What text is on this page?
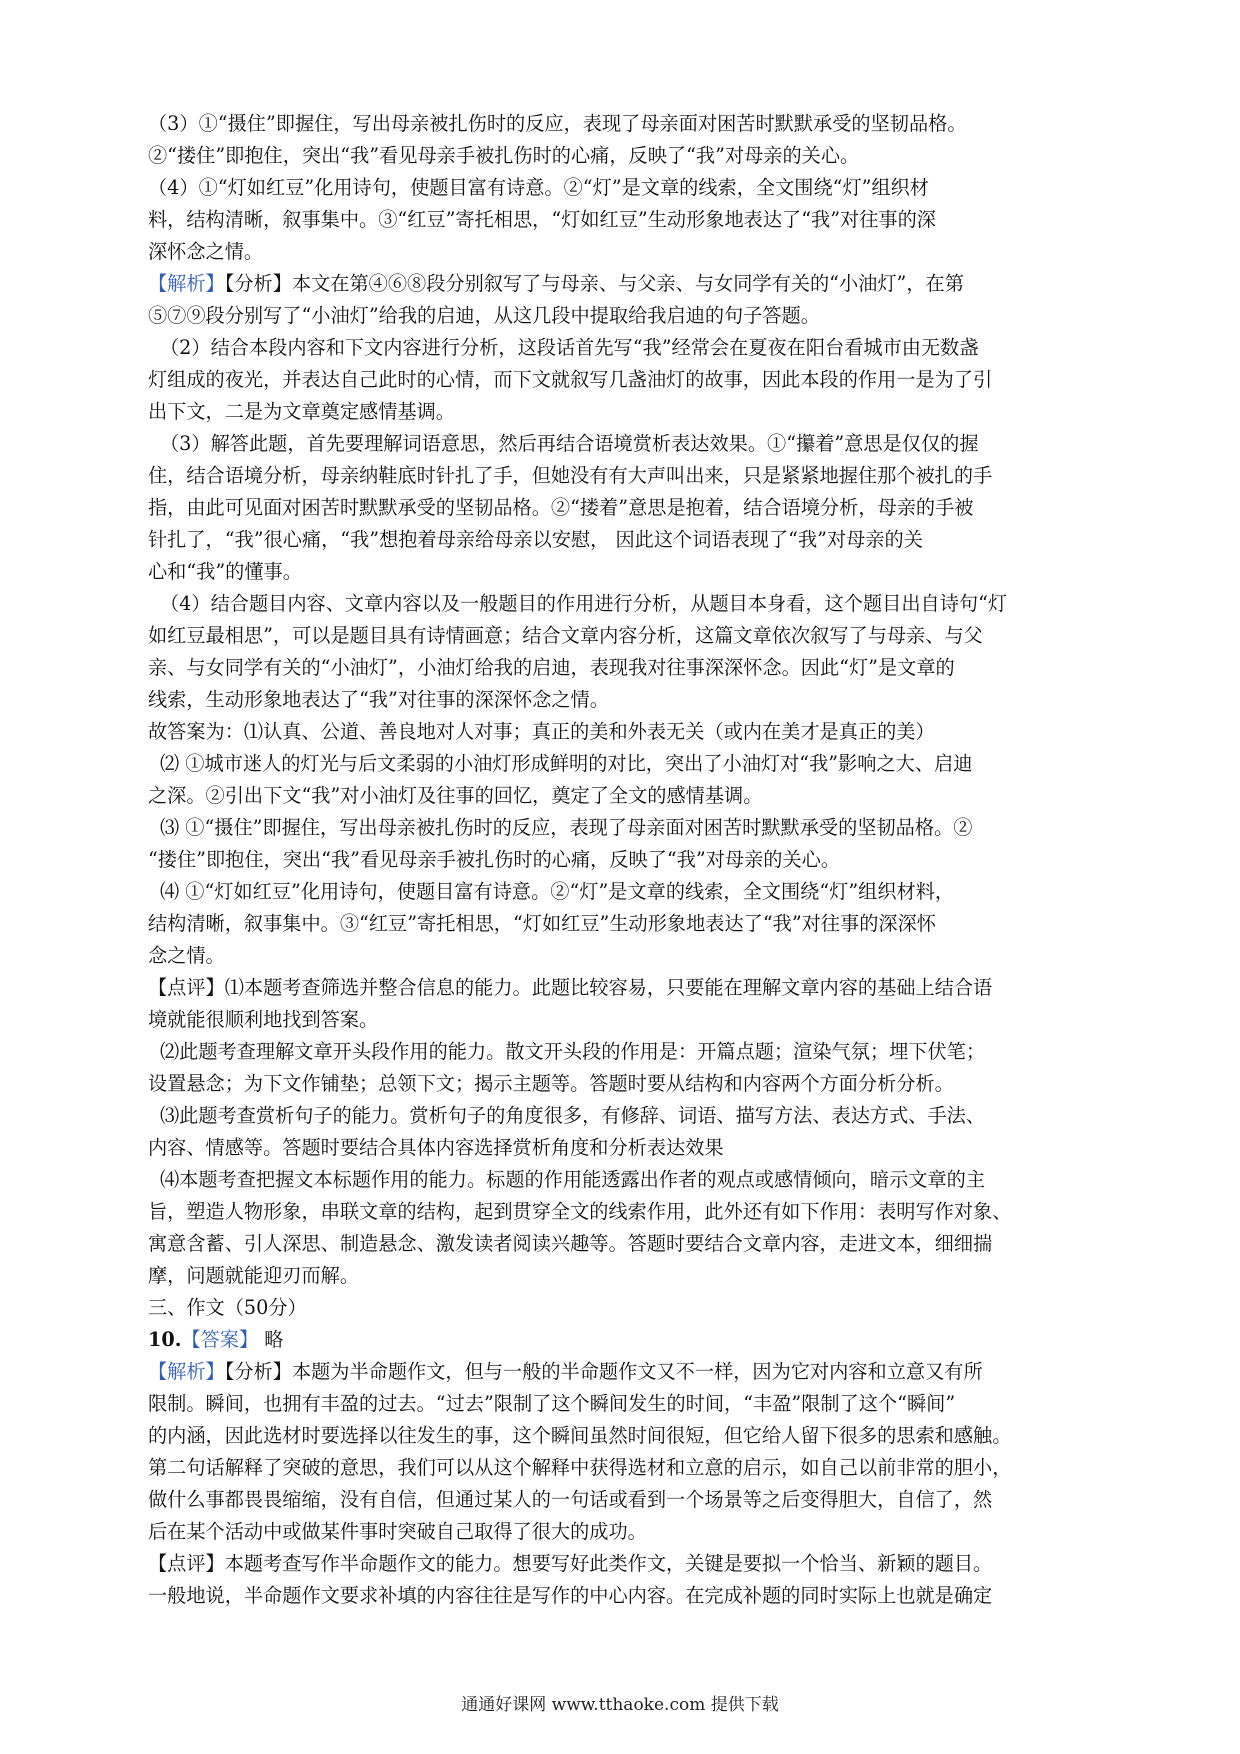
（3）①“摄住”即握住，写出母亲被扎伤时的反应，表现了母亲面对困苦时默默承受的坚韧品格。
②“搂住”即抱住，突出“我”看见母亲手被扎伤时的心痛，反映了“我”对母亲的关心。
（4）①“灯如红豆”化用诗句，使题目富有诗意。②“灯”是文章的线索，全文围绕“灯”组织材
料，结构清晰，叙事集中。③“红豆”寄托相思，“灯如红豆”生动形象地表达了“我”对往事的深
深怀念之情。
【解析】【分析】本文在第④⑥⑧段分别叙写了与母亲、与父亲、与女同学有关的“小油灯”，在第
⑤⑦⑨段分别写了“小油灯”给我的启迪，从这几段中提取给我启迪的句子答题。
（2）结合本段内容和下文内容进行分析，这段话首先写“我”经常会在夏夜在阳台看城市由无数盏
灯组成的夜光，并表达自己此时的心情，而下文就叙写几盏油灯的故事，因此本段的作用一是为了引
出下文，二是为文章奠定感情基调。
（3）解答此题，首先要理解词语意思，然后再结合语境赏析表达效果。①“攥着”意思是仅仅的握
住，结合语境分析，母亲纳鞋底时针扎了手，但她没有有大声叫出来，只是紧紧地握住那个被扎的手
指，由此可见面对困苦时默默承受的坚韧品格。②“搂着”意思是抱着，结合语境分析，母亲的手被
针扎了，“我”很心痛，“我”想抱着母亲给母亲以安慰， 因此这个词语表现了“我”对母亲的关
心和“我”的懂事。
（4）结合题目内容、文章内容以及一般题目的作用进行分析，从题目本身看，这个题目出自诗句“灯
如红豆最相思”，可以是题目具有诗情画意；结合文章内容分析，这篇文章依次叙写了与母亲、与父
亲、与女同学有关的“小油灯”，小油灯给我的启迪，表现我对往事深深怀念。因此“灯”是文章的
线索，生动形象地表达了“我”对往事的深深怀念之情。
故答案为：⑴认真、公道、善良地对人对事；真正的美和外表无关（或内在美才是真正的美）
⑵ ①城市迷人的灯光与后文柔弱的小油灯形成鲜明的对比，突出了小油灯对“我”影响之大、启迪
之深。②引出下文“我”对小油灯及往事的回忆，奠定了全文的感情基调。
⑶ ①“摄住”即握住，写出母亲被扎伤时的反应，表现了母亲面对困苦时默默承受的坚韧品格。②
“搂住”即抱住，突出“我”看见母亲手被扎伤时的心痛，反映了“我”对母亲的关心。
⑷ ①“灯如红豆”化用诗句，使题目富有诗意。②“灯”是文章的线索，全文围绕“灯”组织材料，
结构清晰，叙事集中。③“红豆”寄托相思，“灯如红豆”生动形象地表达了“我”对往事的深深怀
念之情。
【点评】⑴本题考查筛选并整合信息的能力。此题比较容易，只要能在理解文章内容的基础上结合语
境就能很顺利地找到答案。
⑵此题考查理解文章开头段作用的能力。散文开头段的作用是：开篇点题；渲染气氛；埋下伏笔；
设置悬念；为下文作铺垫；总领下文；揭示主题等。答题时要从结构和内容两个方面分析分析。
⑶此题考查赏析句子的能力。赏析句子的角度很多，有修辞、词语、描写方法、表达方式、手法、
内容、情感等。答题时要结合具体内容选择赏析角度和分析表达效果
⑷本题考查把握文本标题作用的能力。标题的作用能透露出作者的观点或感情倾向，暗示文章的主
旨，塑造人物形象，串联文章的结构，起到贯穿全文的线索作用，此外还有如下作用：表明写作对象、
寓意含蓄、引人深思、制造悬念、激发读者阅读兴趣等。答题时要结合文章内容，走进文本，细细揣
摩，问题就能迎刃而解。
三、作文（50分）
10.【答案】 略
【解析】【分析】本题为半命题作文，但与一般的半命题作文又不一样，因为它对内容和立意又有所
限制。瞬间，也拥有丰盈的过去。“过去”限制了这个瞬间发生的时间，“丰盈”限制了这个“瞬间”
的内涵，因此选材时要选择以往发生的事，这个瞬间虽然时间很短，但它给人留下很多的思索和感触。
第二句话解释了突破的意思，我们可以从这个解释中获得选材和立意的启示，如自己以前非常的胆小，
做什么事都畏畏缩缩，没有自信，但通过某人的一句话或看到一个场景等之后变得胆大，自信了，然
后在某个活动中或做某件事时突破自己取得了很大的成功。
【点评】本题考查写作半命题作文的能力。想要写好此类作文，关键是要拟一个恰当、新颖的题目。
一般地说，半命题作文要求补填的内容往往是写作的中心内容。在完成补题的同时实际上也就是确定
通通好课网 www.tthaoke.com 提供下载
